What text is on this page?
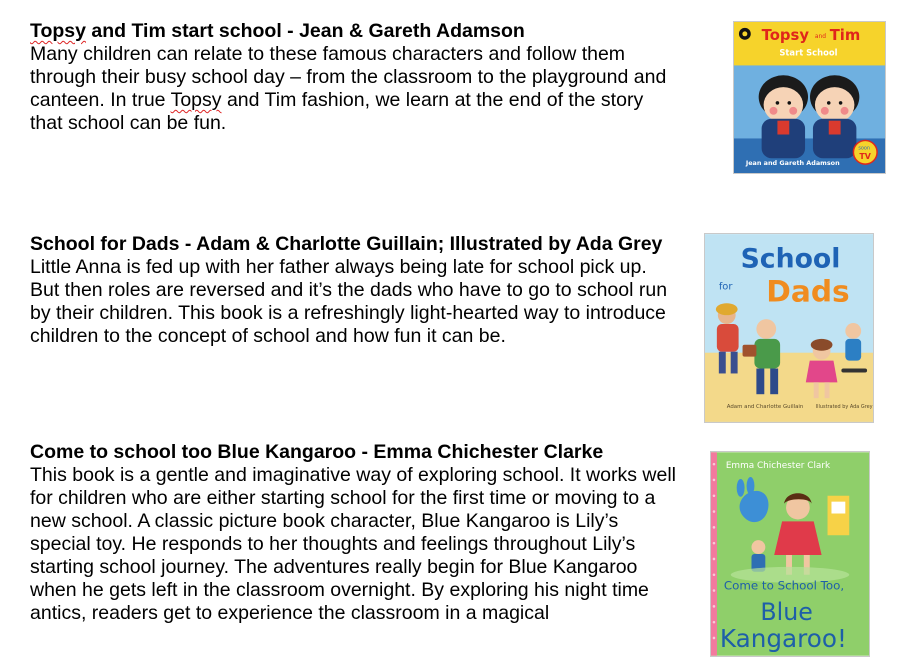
Topsy and Tim start school - Jean & Gareth Adamson
Many children can relate to these famous characters and follow them through their busy school day – from the classroom to the playground and canteen. In true Topsy and Tim fashion, we learn at the end of the story that school can be fun.
Topsy and Tim
Start School
soon
TV
Jean and Gareth Adamson
School for Dads - Adam & Charlotte Guillain; Illustrated by Ada Grey
Little Anna is fed up with her father always being late for school pick up. But then roles are reversed and it’s the dads who have to go to school run by their children. This book is a refreshingly light-hearted way to introduce children to the concept of school and how fun it can be.
School
for Dads
Adam and Charlotte Guillain Illustrated by Ada Grey
Come to school too Blue Kangaroo - Emma Chichester Clarke
This book is a gentle and imaginative way of exploring school. It works well for children who are either starting school for the first time or moving to a new school. A classic picture book character, Blue Kangaroo is Lily’s special toy. He responds to her thoughts and feelings throughout Lily’s starting school journey. The adventures really begin for Blue Kangaroo when he gets left in the classroom overnight. By exploring his night time antics, readers get to experience the classroom in a magical
Emma Chichester Clark
Come to School Too,
Blue
Kangaroo!
